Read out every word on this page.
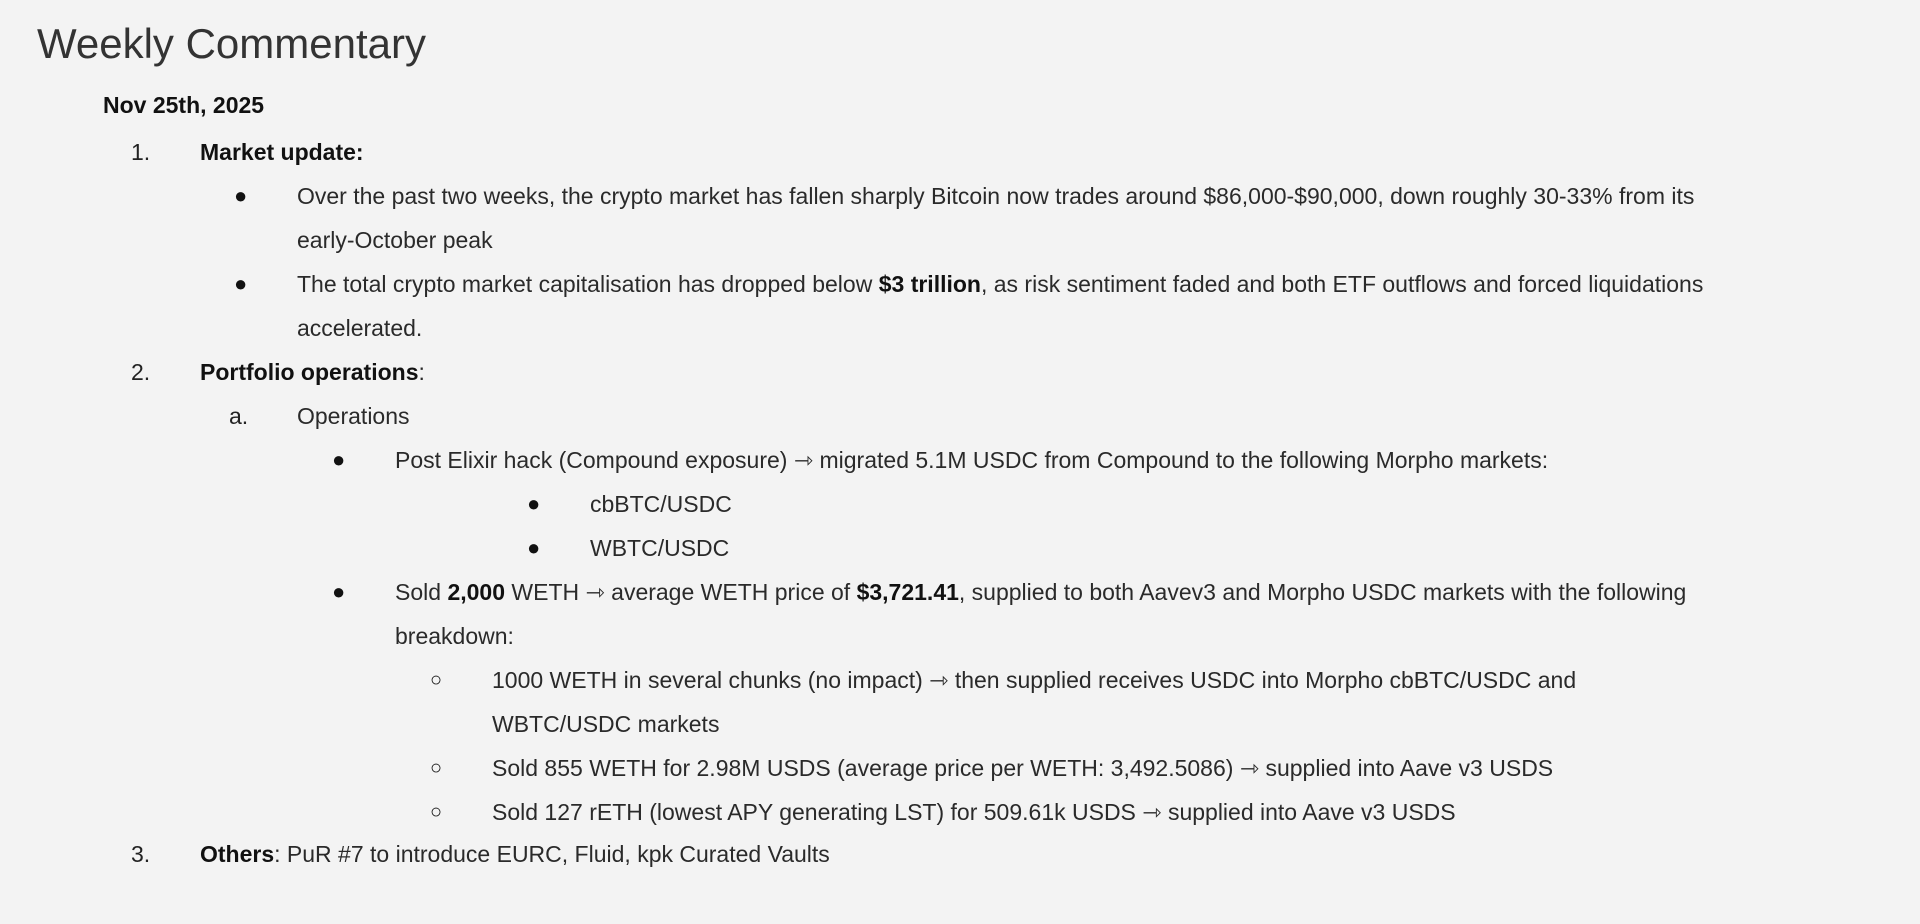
Weekly Commentary
Nov 25th, 2025
1. Market update:
● Over the past two weeks, the crypto market has fallen sharply Bitcoin now trades around $86,000-$90,000, down roughly 30-33% from its
early-October peak
● The total crypto market capitalisation has dropped below $3 trillion, as risk sentiment faded and both ETF outflows and forced liquidations
accelerated.
2. Portfolio operations:
a. Operations
● Post Elixir hack (Compound exposure) ⇾ migrated 5.1M USDC from Compound to the following Morpho markets:
● cbBTC/USDC
● WBTC/USDC
● Sold 2,000 WETH ⇾ average WETH price of $3,721.41, supplied to both Aavev3 and Morpho USDC markets with the following
breakdown:
○ 1000 WETH in several chunks (no impact) ⇾ then supplied receives USDC into Morpho cbBTC/USDC and
WBTC/USDC markets
○ Sold 855 WETH for 2.98M USDS (average price per WETH: 3,492.5086) ⇾ supplied into Aave v3 USDS
○ Sold 127 rETH (lowest APY generating LST) for 509.61k USDS ⇾ supplied into Aave v3 USDS
3. Others: PuR #7 to introduce EURC, Fluid, kpk Curated Vaults
